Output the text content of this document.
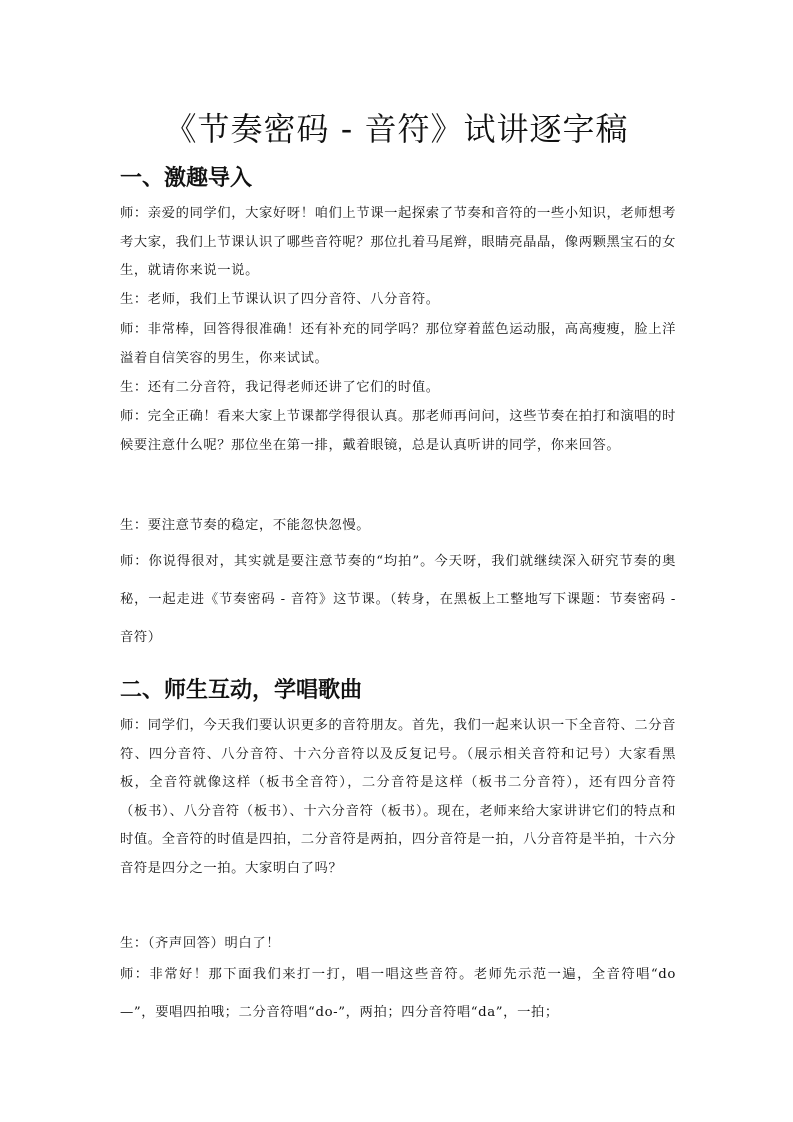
《节奏密码 - 音符》试讲逐字稿
一、激趣导入

师：亲爱的同学们，大家好呀！咱们上节课一起探索了节奏和音符的一些小知识，老师想考考大家，我们上节课认识了哪些音符呢？那位扎着马尾辫，眼睛亮晶晶，像两颗黑宝石的女生，就请你来说一说。

生：老师，我们上节课认识了四分音符、八分音符。

师：非常棒，回答得很准确！还有补充的同学吗？那位穿着蓝色运动服，高高瘦瘦，脸上洋溢着自信笑容的男生，你来试试。

生：还有二分音符，我记得老师还讲了它们的时值。

师：完全正确！看来大家上节课都学得很认真。那老师再问问，这些节奏在拍打和演唱的时候要注意什么呢？那位坐在第一排，戴着眼镜，总是认真听讲的同学，你来回答。

生：要注意节奏的稳定，不能忽快忽慢。

师：你说得很对，其实就是要注意节奏的“均拍”。今天呀，我们就继续深入研究节奏的奥秘，一起走进《节奏密码 - 音符》这节课。（转身，在黑板上工整地写下课题：节奏密码 - 音符）

二、师生互动，学唱歌曲

师：同学们，今天我们要认识更多的音符朋友。首先，我们一起来认识一下全音符、二分音符、四分音符、八分音符、十六分音符以及反复记号。（展示相关音符和记号）大家看黑板，全音符就像这样（板书全音符），二分音符是这样（板书二分音符），还有四分音符（板书）、八分音符（板书）、十六分音符（板书）。现在，老师来给大家讲讲它们的特点和时值。全音符的时值是四拍，二分音符是两拍，四分音符是一拍，八分音符是半拍，十六分音符是四分之一拍。大家明白了吗？

生：（齐声回答）明白了！

师：非常好！那下面我们来打一打，唱一唱这些音符。老师先示范一遍，全音符唱“do—”，要唱四拍哦；二分音符唱“do-”，两拍；四分音符唱“da”，一拍；
